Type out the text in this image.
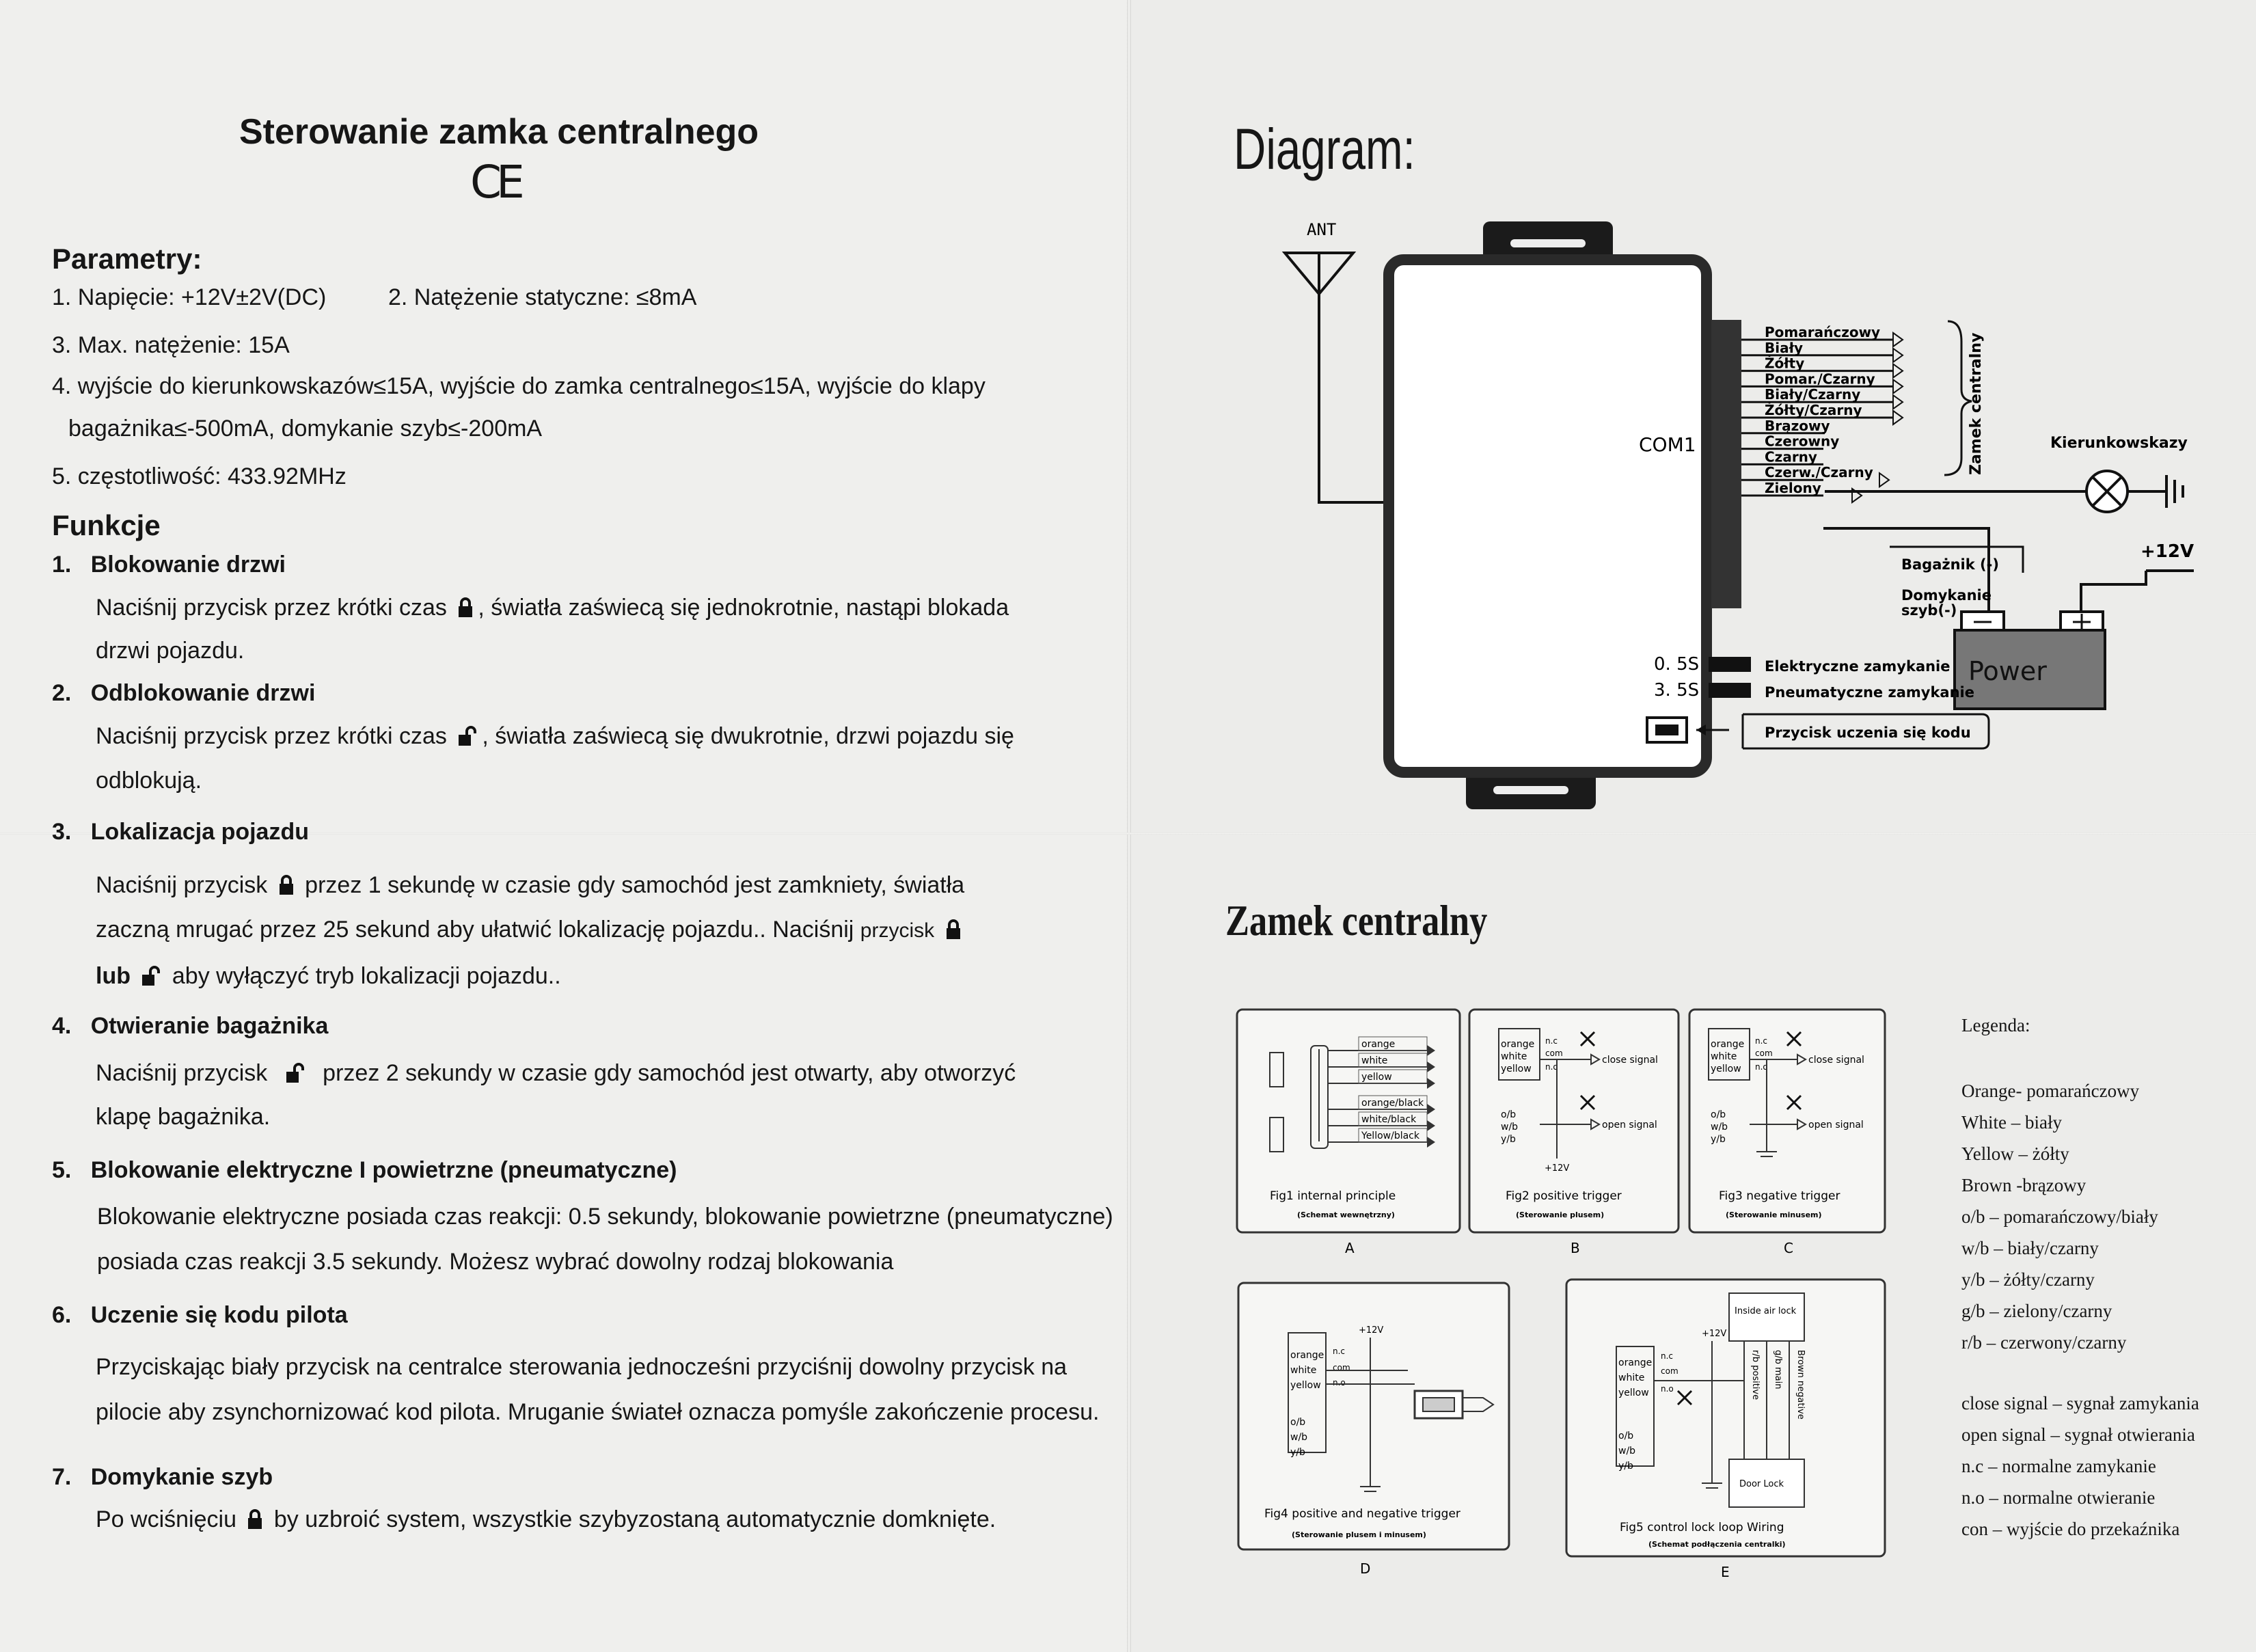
Sterowanie zamka centralnego
CE
Parametry:
1. Napięcie: +12V±2V(DC)	2. Natężenie statyczne: ≤8mA
3. Max. natężenie: 15A
4. wyjście do kierunkowskazów≤15A, wyjście do zamka centralnego≤15A, wyjście do klapy
bagażnika≤-500mA, domykanie szyb≤-200mA
5. częstotliwość: 433.92MHz
Funkcje
1. Blokowanie drzwi
Naciśnij przycisk przez krótki czas , światła zaświecą się jednokrotnie, nastąpi blokada
drzwi pojazdu.
2. Odblokowanie drzwi
Naciśnij przycisk przez krótki czas , światła zaświecą się dwukrotnie, drzwi pojazdu się
odblokują.
3. Lokalizacja pojazdu
Naciśnij przycisk przez 1 sekundę w czasie gdy samochód jest zamkniety, światła
zaczną mrugać przez 25 sekund aby ułatwić lokalizację pojazdu.. Naciśnij przycisk
lub aby wyłączyć tryb lokalizacji pojazdu..
4. Otwieranie bagażnika
Naciśnij przycisk przez 2 sekundy w czasie gdy samochód jest otwarty, aby otworzyć
klapę bagażnika.
5. Blokowanie elektryczne I powietrzne (pneumatyczne)
Blokowanie elektryczne posiada czas reakcji: 0.5 sekundy, blokowanie powietrzne (pneumatyczne)
posiada czas reakcji 3.5 sekundy. Możesz wybrać dowolny rodzaj blokowania
6. Uczenie się kodu pilota
Przyciskając biały przycisk na centralce sterowania jednocześni przyciśnij dowolny przycisk na
pilocie aby zsynchornizować kod pilota. Mruganie świateł oznacza pomyśle zakończenie procesu.
7. Domykanie szyb
Po wciśnięciu by uzbroić system, wszystkie szybyzostaną automatycznie domknięte.
Diagram:
ANT
COM1
Pomarańczowy
Biały
Żółty
Pomar./Czarny
Biały/Czarny
Żółty/Czarny
Brązowy
Czerowny
Czarny
Czerw./Czarny
Zielony
Zamek centralny	Kierunkowskazy
+12V
Power
Bagażnik (-)
Domykanie
szyb(-)
0. 5S
3. 5S
Elektryczne zamykanie
Pneumatyczne zamykanie
Przycisk uczenia się kodu
Zamek centralny
orange
white
yellow
orange/black
white/black
Yellow/black
Fig1 internal principle
(Schemat wewnętrzny)
A
orange
white
yellow
n.c
com
n.o
close signal
o/b
w/b
y/b
open signal
+12V
Fig2 positive trigger
(Sterowanie plusem)
B
orange
white
yellow
n.c
com
n.o
close signal
o/b
w/b
y/b
open signal
Fig3 negative trigger
(Sterowanie minusem)
C
orange
white
yellow
n.c
com
n.o
o/b
w/b
y/b
+12V
Fig4 positive and negative trigger
(Sterowanie plusem i minusem)
D
orange
white
yellow
n.c
com
n.o
o/b
w/b
y/b
+12V
Inside air lock
Door Lock
r/b positive g/b main Brown negative
Fig5 control lock loop Wiring
(Schemat podłączenia centralki)
E
Legenda:
Orange- pomarańczowy
White – biały
Yellow – żółty
Brown -brązowy
o/b – pomarańczowy/biały
w/b – biały/czarny
y/b – żółty/czarny
g/b – zielony/czarny
r/b – czerwony/czarny
close signal – sygnał zamykania
open signal – sygnał otwierania
n.c – normalne zamykanie
n.o – normalne otwieranie
con – wyjście do przekaźnika
